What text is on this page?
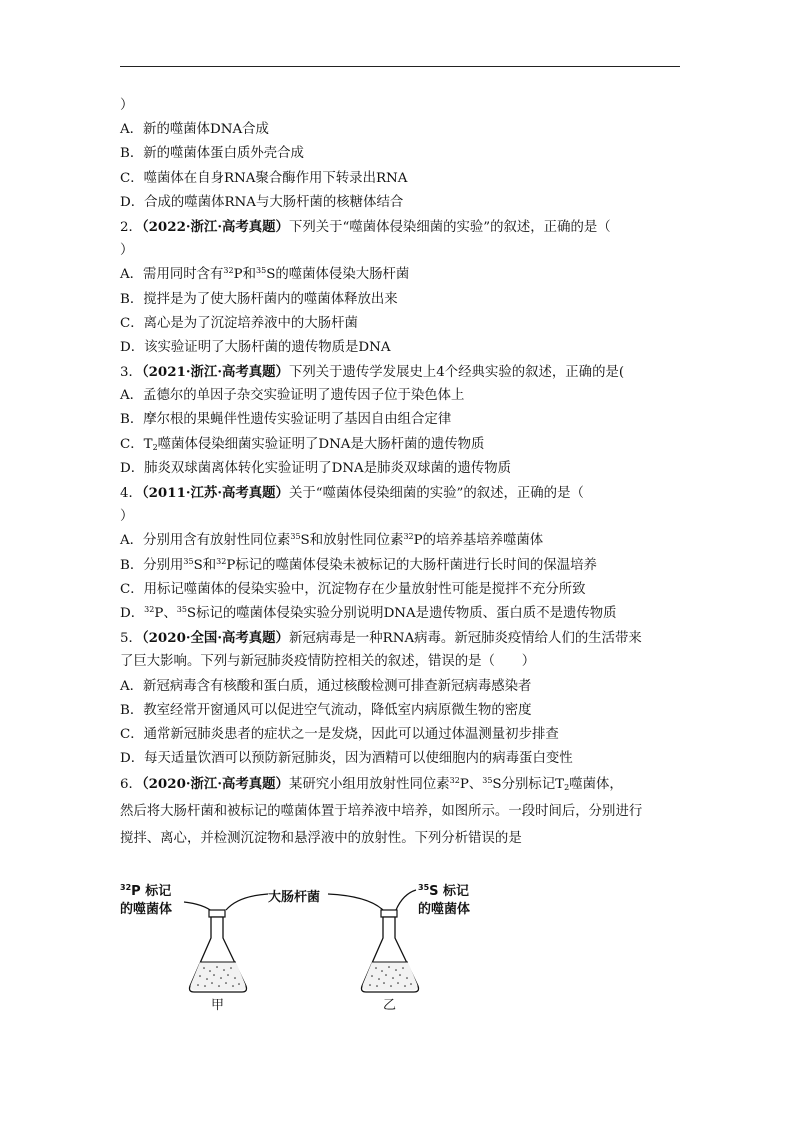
）
A．新的噬菌体DNA合成
B．新的噬菌体蛋白质外壳合成
C．噬菌体在自身RNA聚合酶作用下转录出RNA
D．合成的噬菌体RNA与大肠杆菌的核糖体结合
2．（2022·浙江·高考真题）下列关于“噬菌体侵染细菌的实验”的叙述，正确的是（
）
A．需用同时含有$^{32}$P和$^{35}$S的噬菌体侵染大肠杆菌
B．搅拌是为了使大肠杆菌内的噬菌体释放出来
C．离心是为了沉淀培养液中的大肠杆菌
D．该实验证明了大肠杆菌的遗传物质是DNA
3．（2021·浙江·高考真题）下列关于遗传学发展史上4个经典实验的叙述，正确的是(
A．孟德尔的单因子杂交实验证明了遗传因子位于染色体上
B．摩尔根的果蝇伴性遗传实验证明了基因自由组合定律
C．$T_2$噬菌体侵染细菌实验证明了DNA是大肠杆菌的遗传物质
D．肺炎双球菌离体转化实验证明了DNA是肺炎双球菌的遗传物质
4．（2011·江苏·高考真题）关于“噬菌体侵染细菌的实验”的叙述，正确的是（
）
A．分别用含有放射性同位素$^{35}$S和放射性同位素$^{32}$P的培养基培养噬菌体
B．分别用$^{35}$S和$^{32}$P标记的噬菌体侵染未被标记的大肠杆菌进行长时间的保温培养
C．用标记噬菌体的侵染实验中，沉淀物存在少量放射性可能是搅拌不充分所致
D．$^{32}$P、$^{35}$S标记的噬菌体侵染实验分别说明DNA是遗传物质、蛋白质不是遗传物质
5．（2020·全国·高考真题）新冠病毒是一种RNA病毒。新冠肺炎疫情给人们的生活带来
了巨大影响。下列与新冠肺炎疫情防控相关的叙述，错误的是（　　）
A．新冠病毒含有核酸和蛋白质，通过核酸检测可排查新冠病毒感染者
B．教室经常开窗通风可以促进空气流动，降低室内病原微生物的密度
C．通常新冠肺炎患者的症状之一是发烧，因此可以通过体温测量初步排查
D．每天适量饮酒可以预防新冠肺炎，因为酒精可以使细胞内的病毒蛋白变性
6．（2020·浙江·高考真题）某研究小组用放射性同位素$^{32}$P、$^{35}$S分别标记$T_2$噬菌体，
然后将大肠杆菌和被标记的噬菌体置于培养液中培养，如图所示。一段时间后，分别进行
搅拌、离心，并检测沉淀物和悬浮液中的放射性。下列分析错误的是
$^{32}$P 标记
的噬菌体
大肠杆菌
$^{35}$S 标记
的噬菌体
甲	乙
